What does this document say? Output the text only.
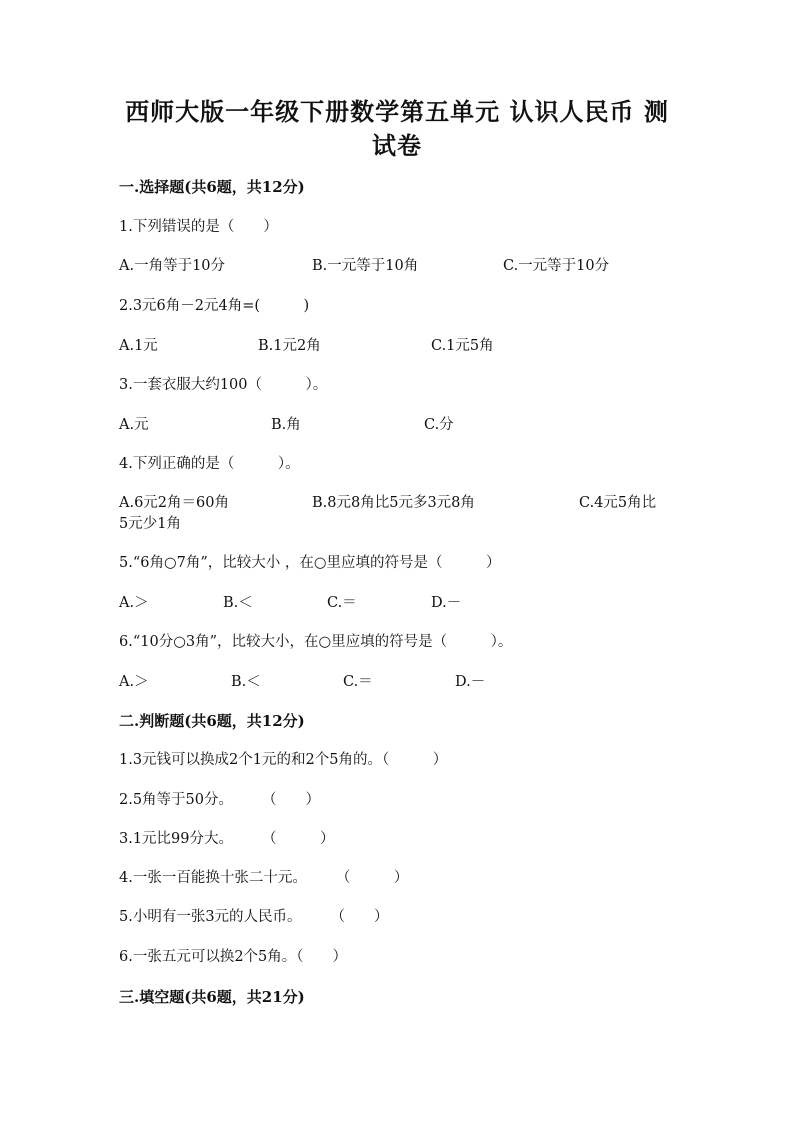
西师大版一年级下册数学第五单元 认识人民币 测
试卷
一.选择题(共6题，共12分)
1.下列错误的是（　　）
A.一角等于10分	B.一元等于10角	C.一元等于10分
2.3元6角－2元4角=(　　　)
A.1元	B.1元2角	C.1元5角
3.一套衣服大约100（　　　）。
A.元	B.角	C.分
4.下列正确的是（　　　）。
A.6元2角＝60角	B.8元8角比5元多3元8角	C.4元5角比
5元少1角
5.“6角○7角”，比较大小 ，在○里应填的符号是（　　　）
A.＞	B.＜	C.＝	D.－
6.“10分○3角”，比较大小，在○里应填的符号是（　　　）。
A.＞	B.＜	C.＝	D.－
二.判断题(共6题，共12分)
1.3元钱可以换成2个1元的和2个5角的。（　　　）
2.5角等于50分。　　　（　　）
3.1元比99分大。　　　（　　　）
4.一张一百能换十张二十元。　　　（　　　）
5.小明有一张3元的人民币。　　　（　　）
6.一张五元可以换2个5角。（　　）
三.填空题(共6题，共21分)
